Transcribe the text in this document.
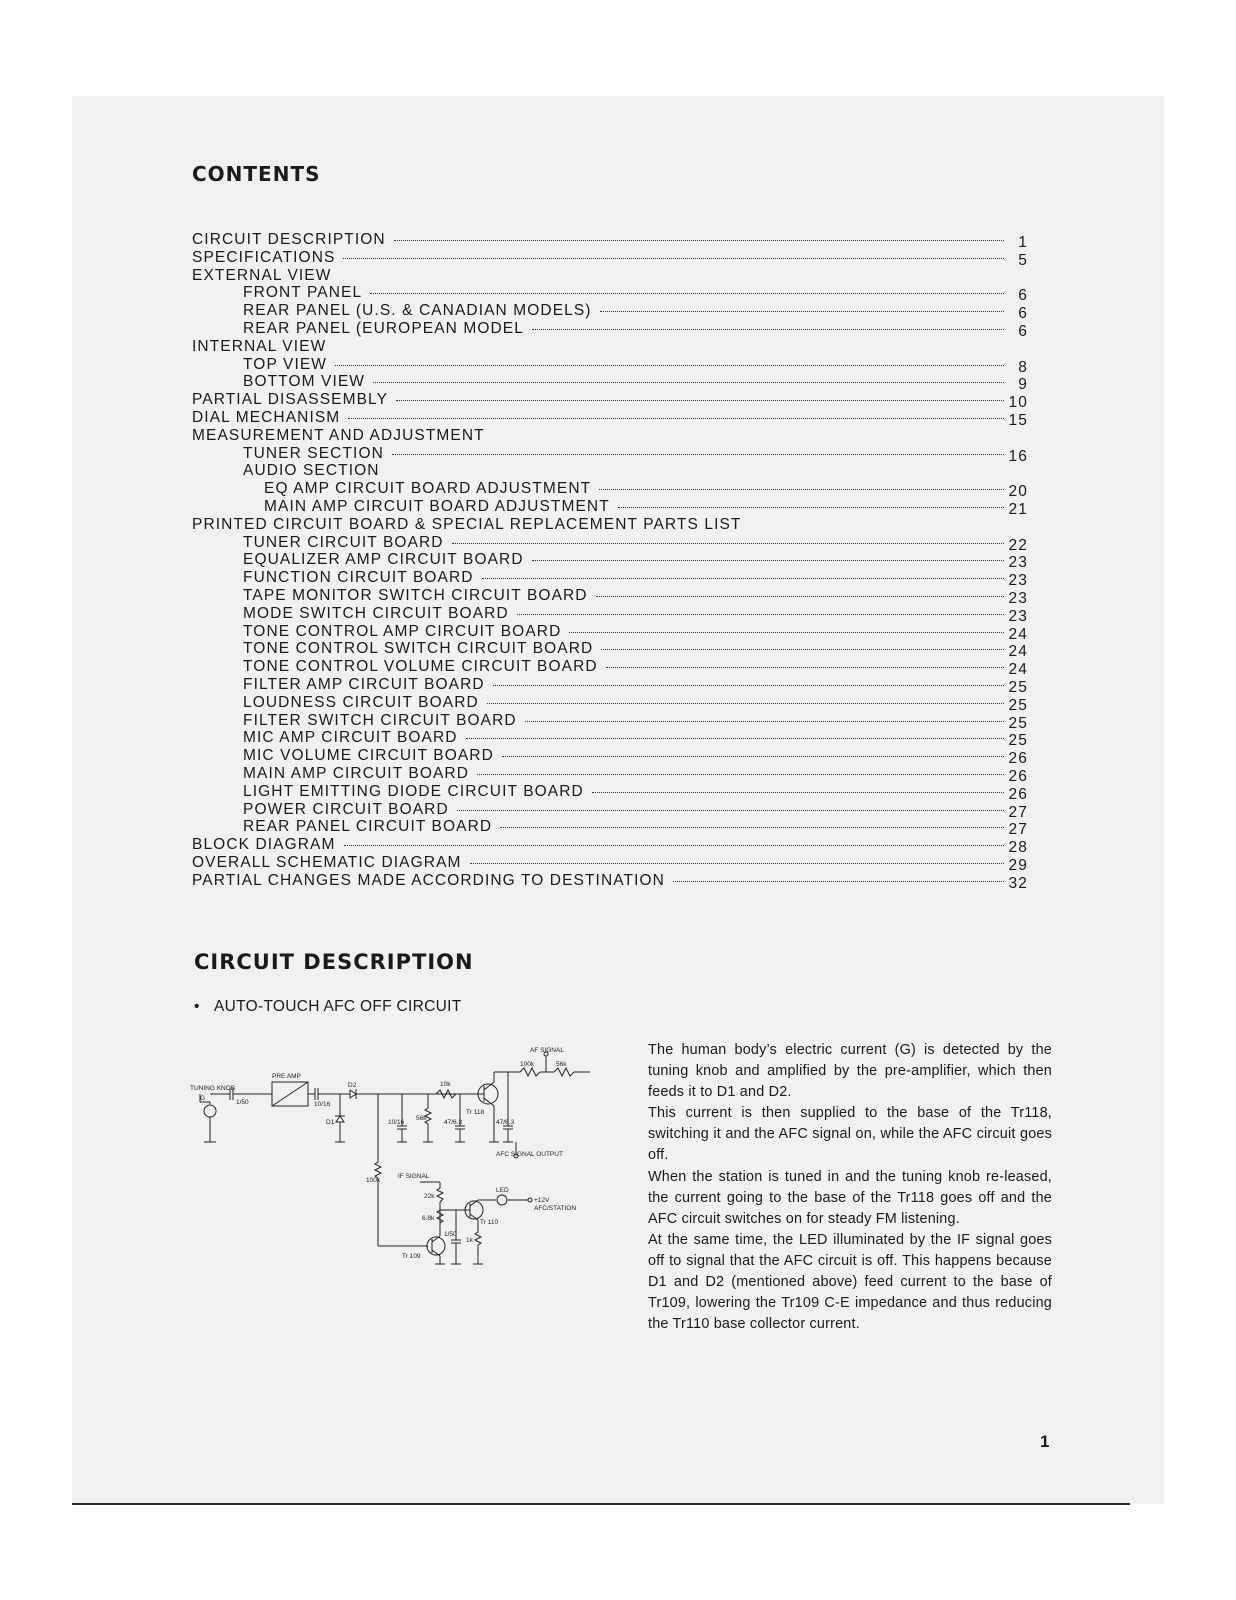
CONTENTS
CIRCUIT DESCRIPTION	1
SPECIFICATIONS	5
EXTERNAL VIEW
FRONT PANEL	6
REAR PANEL (U.S. & CANADIAN MODELS)	6
REAR PANEL (EUROPEAN MODEL	6
INTERNAL VIEW
TOP VIEW	8
BOTTOM VIEW	9
PARTIAL DISASSEMBLY	10
DIAL MECHANISM	15
MEASUREMENT AND ADJUSTMENT
TUNER SECTION	16
AUDIO SECTION
EQ AMP CIRCUIT BOARD ADJUSTMENT	20
MAIN AMP CIRCUIT BOARD ADJUSTMENT	21
PRINTED CIRCUIT BOARD & SPECIAL REPLACEMENT PARTS LIST
TUNER CIRCUIT BOARD	22
EQUALIZER AMP CIRCUIT BOARD	23
FUNCTION CIRCUIT BOARD	23
TAPE MONITOR SWITCH CIRCUIT BOARD	23
MODE SWITCH CIRCUIT BOARD	23
TONE CONTROL AMP CIRCUIT BOARD	24
TONE CONTROL SWITCH CIRCUIT BOARD	24
TONE CONTROL VOLUME CIRCUIT BOARD	24
FILTER AMP CIRCUIT BOARD	25
LOUDNESS CIRCUIT BOARD	25
FILTER SWITCH CIRCUIT BOARD	25
MIC AMP CIRCUIT BOARD	25
MIC VOLUME CIRCUIT BOARD	26
MAIN AMP CIRCUIT BOARD	26
LIGHT EMITTING DIODE CIRCUIT BOARD	26
POWER CIRCUIT BOARD	27
REAR PANEL CIRCUIT BOARD	27
BLOCK DIAGRAM	28
OVERALL SCHEMATIC DIAGRAM	29
PARTIAL CHANGES MADE ACCORDING TO DESTINATION	32
CIRCUIT DESCRIPTION
• AUTO-TOUCH AFC OFF CIRCUIT
TUNING KNOB
G
1/50
PRE AMP
10/16
D2
D1	10/16
56k
10k
47/6.3	47/6.3
Tr 118
AF SIGNAL
100k	56k
AFC SIGNAL OUTPUT
100k
IF SIGNAL
22k
6.8k
1/50
1k
Tr 109
Tr 110
LED
+12V
AFC/STATION

The human body’s electric current (G) is detected by the tuning knob and amplified by the pre-amplifier, which then feeds it to D1 and D2.

This current is then supplied to the base of the Tr118, switching it and the AFC signal on, while the AFC circuit goes off.

When the station is tuned in and the tuning knob re-leased, the current going to the base of the Tr118 goes off and the AFC circuit switches on for steady FM listening.

At the same time, the LED illuminated by the IF signal goes off to signal that the AFC circuit is off. This happens because D1 and D2 (mentioned above) feed current to the base of Tr109, lowering the Tr109 C-E impedance and thus reducing the Tr110 base collector current.

1
